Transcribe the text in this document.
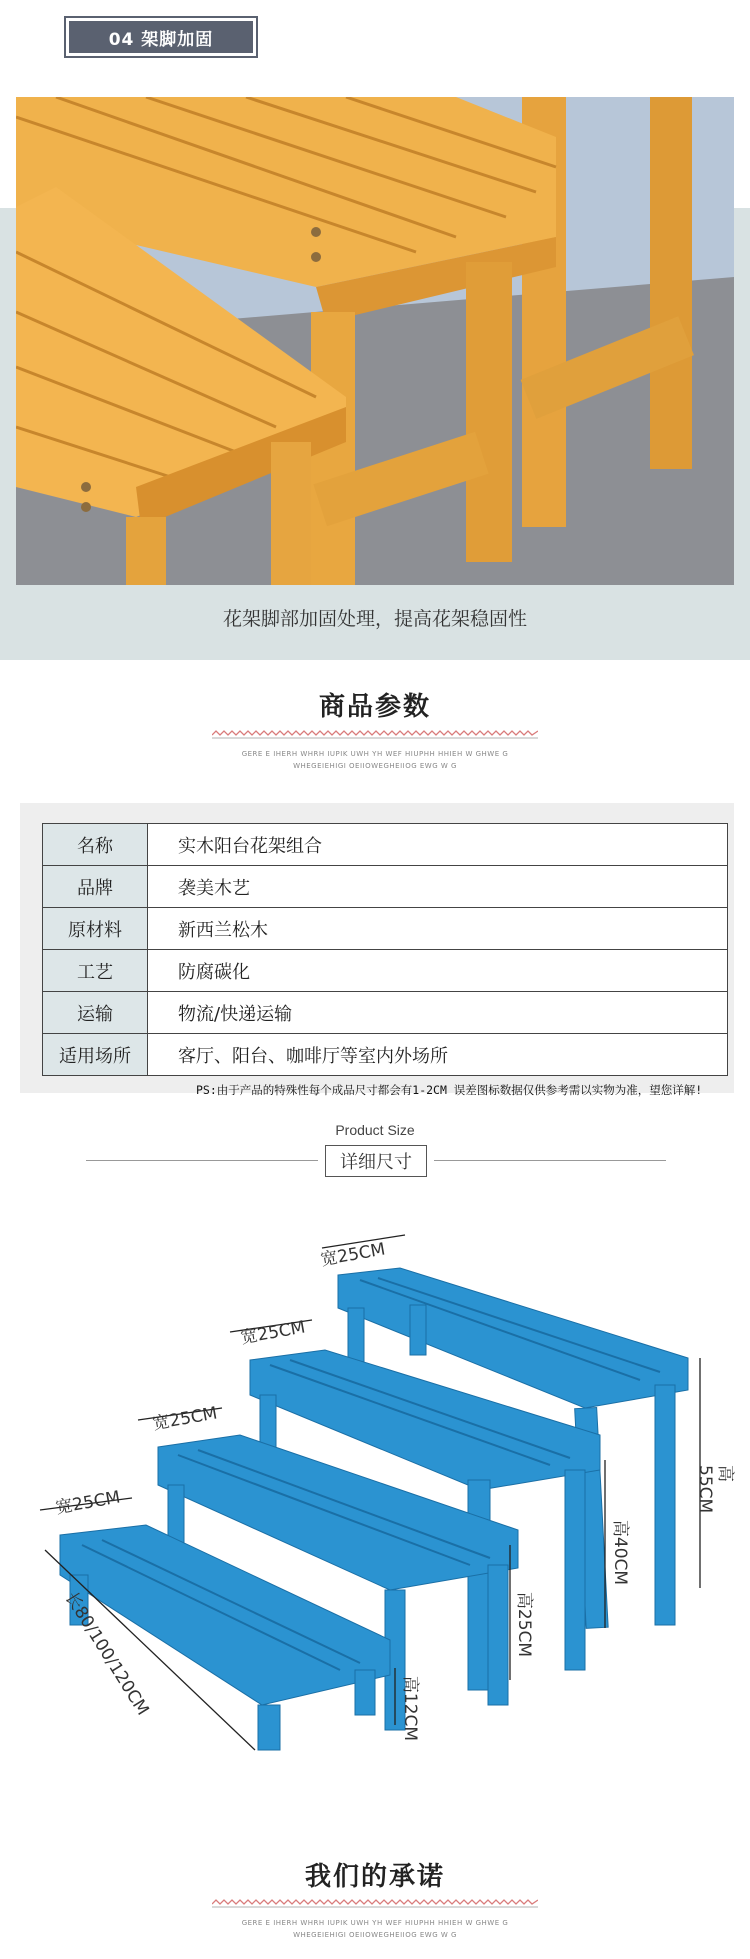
04 架脚加固
花架脚部加固处理，提高花架稳固性
商品参数
GERE E IHERH WHRH IUPIK UWH YH WEF HIUPHH HHIEH W GHWE G
WHEGEIEHIGI OEIIOWEGHEIIOG EWG W G
名称	实木阳台花架组合
品牌	袭美木艺
原材料	新西兰松木
工艺	防腐碳化
运输	物流/快递运输
适用场所	客厅、阳台、咖啡厅等室内外场所
PS:由于产品的特殊性每个成品尺寸都会有1-2CM 误差图标数据仅供参考需以实物为准，望您详解!
Product Size
详细尺寸
宽25CM
宽25CM
宽25CM
宽25CM
高55CM
高40CM
高25CM
高12CM
长80/100/120CM
我们的承诺
GERE E IHERH WHRH IUPIK UWH YH WEF HIUPHH HHIEH W GHWE G
WHEGEIEHIGI OEIIOWEGHEIIOG EWG W G
